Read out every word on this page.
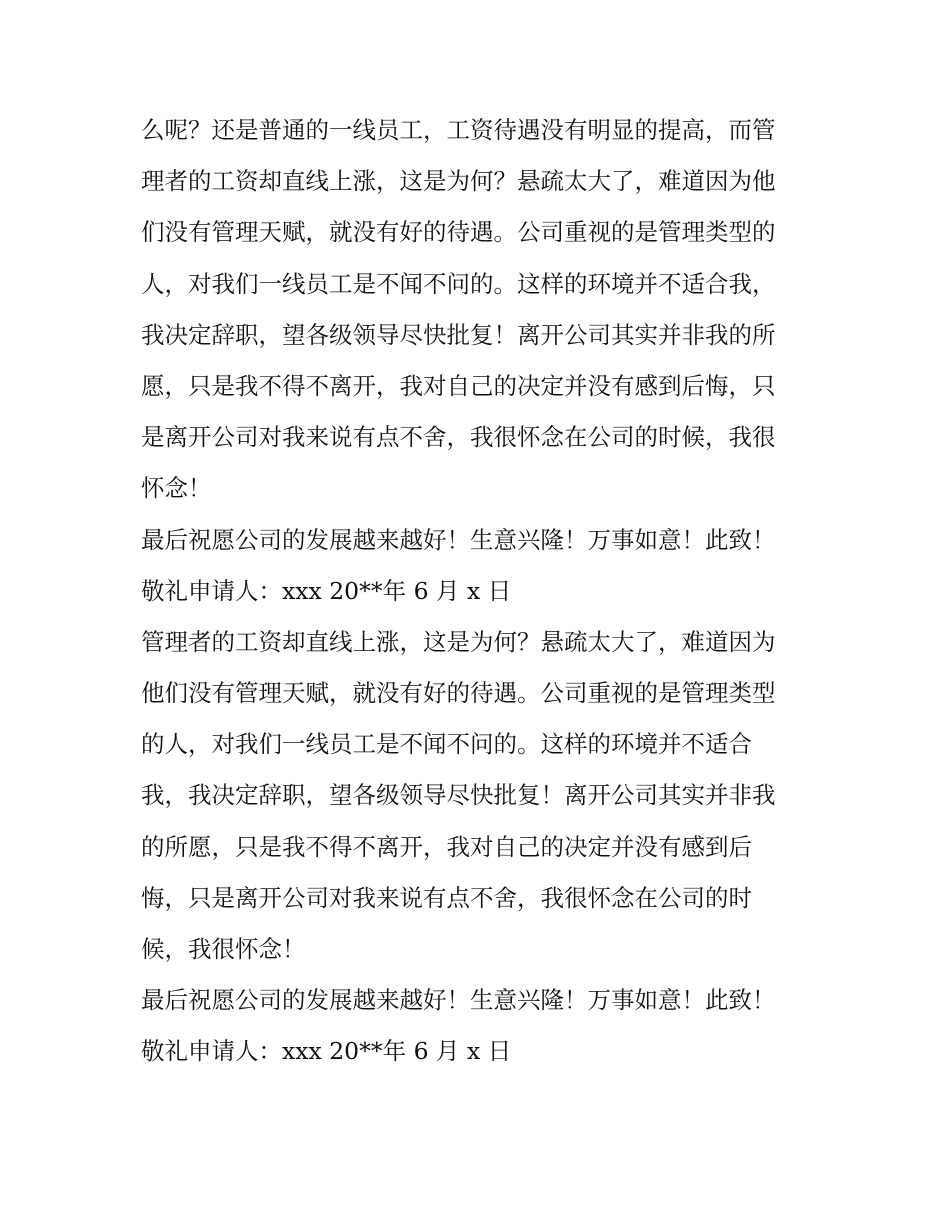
么呢？还是普通的一线员工，工资待遇没有明显的提高，而管
理者的工资却直线上涨，这是为何？悬疏太大了，难道因为他
们没有管理天赋，就没有好的待遇。公司重视的是管理类型的
人，对我们一线员工是不闻不问的。这样的环境并不适合我，
我决定辞职，望各级领导尽快批复！离开公司其实并非我的所
愿，只是我不得不离开，我对自己的决定并没有感到后悔，只
是离开公司对我来说有点不舍，我很怀念在公司的时候，我很
怀念！
最后祝愿公司的发展越来越好！生意兴隆！万事如意！此致！
敬礼申请人：xxx 20**年 6 月 x 日
管理者的工资却直线上涨，这是为何？悬疏太大了，难道因为
他们没有管理天赋，就没有好的待遇。公司重视的是管理类型
的人，对我们一线员工是不闻不问的。这样的环境并不适合
我，我决定辞职，望各级领导尽快批复！离开公司其实并非我
的所愿，只是我不得不离开，我对自己的决定并没有感到后
悔，只是离开公司对我来说有点不舍，我很怀念在公司的时
候，我很怀念！
最后祝愿公司的发展越来越好！生意兴隆！万事如意！此致！
敬礼申请人：xxx 20**年 6 月 x 日
